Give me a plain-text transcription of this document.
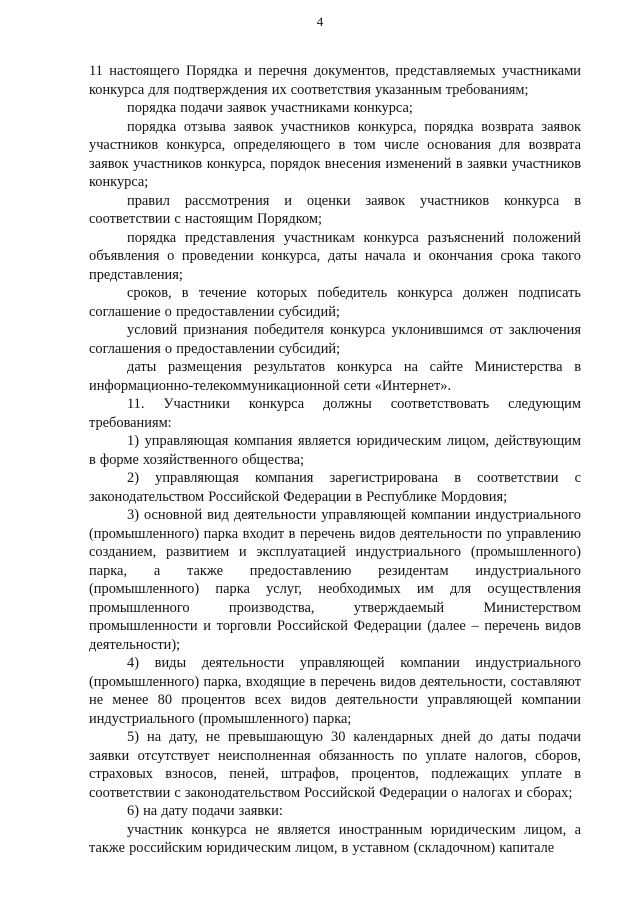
4

11 настоящего Порядка и перечня документов, представляемых участниками конкурса для подтверждения их соответствия указанным требованиям;

порядка подачи заявок участниками конкурса;

порядка отзыва заявок участников конкурса, порядка возврата заявок участников конкурса, определяющего в том числе основания для возврата заявок участников конкурса, порядок внесения изменений в заявки участников конкурса;

правил рассмотрения и оценки заявок участников конкурса в соответствии с настоящим Порядком;

порядка представления участникам конкурса разъяснений положений объявления о проведении конкурса, даты начала и окончания срока такого представления;

сроков, в течение которых победитель конкурса должен подписать соглашение о предоставлении субсидий;

условий признания победителя конкурса уклонившимся от заключения соглашения о предоставлении субсидий;

даты размещения результатов конкурса на сайте Министерства в информационно-телекоммуникационной сети «Интернет».

11. Участники конкурса должны соответствовать следующим требованиям:

1) управляющая компания является юридическим лицом, действующим в форме хозяйственного общества;

2) управляющая компания зарегистрирована в соответствии с законодательством Российской Федерации в Республике Мордовия;

3) основной вид деятельности управляющей компании индустриального (промышленного) парка входит в перечень видов деятельности по управлению созданием, развитием и эксплуатацией индустриального (промышленного) парка, а также предоставлению резидентам индустриального (промышленного) парка услуг, необходимых им для осуществления промышленного производства, утверждаемый Министерством промышленности и торговли Российской Федерации (далее – перечень видов деятельности);

4) виды деятельности управляющей компании индустриального (промышленного) парка, входящие в перечень видов деятельности, составляют не менее 80 процентов всех видов деятельности управляющей компании индустриального (промышленного) парка;

5) на дату, не превышающую 30 календарных дней до даты подачи заявки отсутствует неисполненная обязанность по уплате налогов, сборов, страховых взносов, пеней, штрафов, процентов, подлежащих уплате в соответствии с законодательством Российской Федерации о налогах и сборах;

6) на дату подачи заявки:

участник конкурса не является иностранным юридическим лицом, а также российским юридическим лицом, в уставном (складочном) капитале
